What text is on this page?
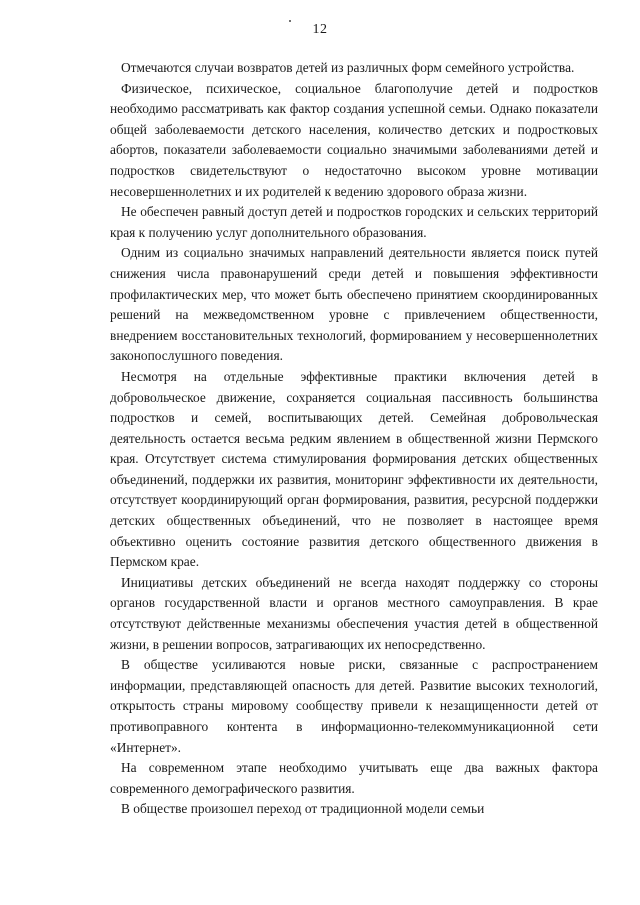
12

Отмечаются случаи возвратов детей из различных форм семейного устройства.

Физическое, психическое, социальное благополучие детей и подростков необходимо рассматривать как фактор создания успешной семьи. Однако показатели общей заболеваемости детского населения, количество детских и подростковых абортов, показатели заболеваемости социально значимыми заболеваниями детей и подростков свидетельствуют о недостаточно высоком уровне мотивации несовершеннолетних и их родителей к ведению здорового образа жизни.

Не обеспечен равный доступ детей и подростков городских и сельских территорий края к получению услуг дополнительного образования.

Одним из социально значимых направлений деятельности является поиск путей снижения числа правонарушений среди детей и повышения эффективности профилактических мер, что может быть обеспечено принятием скоординированных решений на межведомственном уровне с привлечением общественности, внедрением восстановительных технологий, формированием у несовершеннолетних законопослушного поведения.

Несмотря на отдельные эффективные практики включения детей в добровольческое движение, сохраняется социальная пассивность большинства подростков и семей, воспитывающих детей. Семейная добровольческая деятельность остается весьма редким явлением в общественной жизни Пермского края. Отсутствует система стимулирования формирования детских общественных объединений, поддержки их развития, мониторинг эффективности их деятельности, отсутствует координирующий орган формирования, развития, ресурсной поддержки детских общественных объединений, что не позволяет в настоящее время объективно оценить состояние развития детского общественного движения в Пермском крае.

Инициативы детских объединений не всегда находят поддержку со стороны органов государственной власти и органов местного самоуправления. В крае отсутствуют действенные механизмы обеспечения участия детей в общественной жизни, в решении вопросов, затрагивающих их непосредственно.

В обществе усиливаются новые риски, связанные с распространением информации, представляющей опасность для детей. Развитие высоких технологий, открытость страны мировому сообществу привели к незащищенности детей от противоправного контента в информационно-телекоммуникационной сети «Интернет».

На современном этапе необходимо учитывать еще два важных фактора современного демографического развития.

В обществе произошел переход от традиционной модели семьи
